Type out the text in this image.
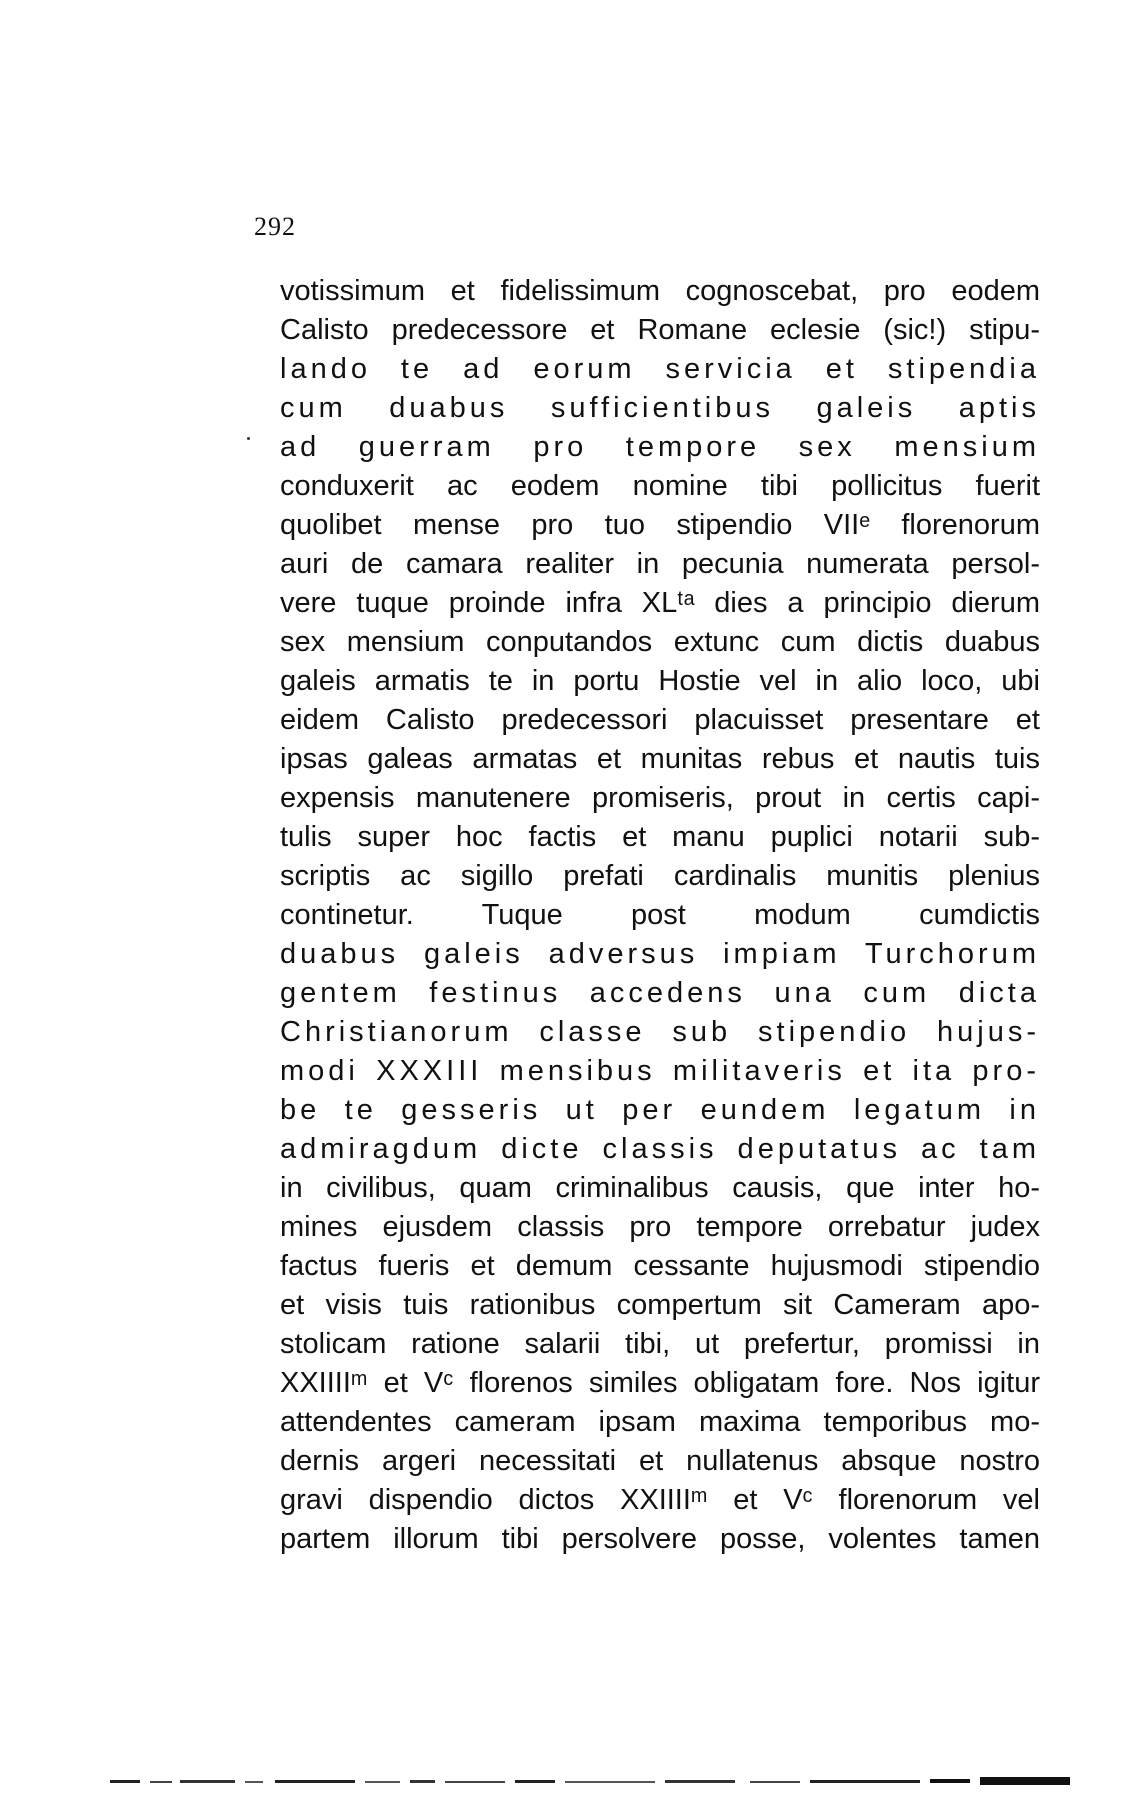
292
votissimum et fidelissimum cognoscebat, pro eodem
Calisto predecessore et Romane eclesie (sic!) stipu-
lando te ad eorum servicia et stipendia
cum duabus sufficientibus galeis aptis
ad guerram pro tempore sex mensium
conduxerit ac eodem nomine tibi pollicitus fuerit
quolibet mense pro tuo stipendio VIIᵉ florenorum
auri de camara realiter in pecunia numerata persol-
vere tuque proinde infra XLᵗᵃ dies a principio dierum
sex mensium conputandos extunc cum dictis duabus
galeis armatis te in portu Hostie vel in alio loco, ubi
eidem Calisto predecessori placuisset presentare et
ipsas galeas armatas et munitas rebus et nautis tuis
expensis manutenere promiseris, prout in certis capi-
tulis super hoc factis et manu puplici notarii sub-
scriptis ac sigillo prefati cardinalis munitis plenius
continetur. Tuque post modum cumdictis
duabus galeis adversus impiam Turchorum
gentem festinus accedens una cum dicta
Christianorum classe sub stipendio hujus-
modi XXXIII mensibus militaveris et ita pro-
be te gesseris ut per eundem legatum in
admiragdum dicte classis deputatus ac tam
in civilibus, quam criminalibus causis, que inter ho-
mines ejusdem classis pro tempore orrebatur judex
factus fueris et demum cessante hujusmodi stipendio
et visis tuis rationibus compertum sit Cameram apo-
stolicam ratione salarii tibi, ut prefertur, promissi in
XXIIIIᵐ et Vᶜ florenos similes obligatam fore. Nos igitur
attendentes cameram ipsam maxima temporibus mo-
dernis argeri necessitati et nullatenus absque nostro
gravi dispendio dictos XXIIIIᵐ et Vᶜ florenorum vel
partem illorum tibi persolvere posse, volentes tamen
